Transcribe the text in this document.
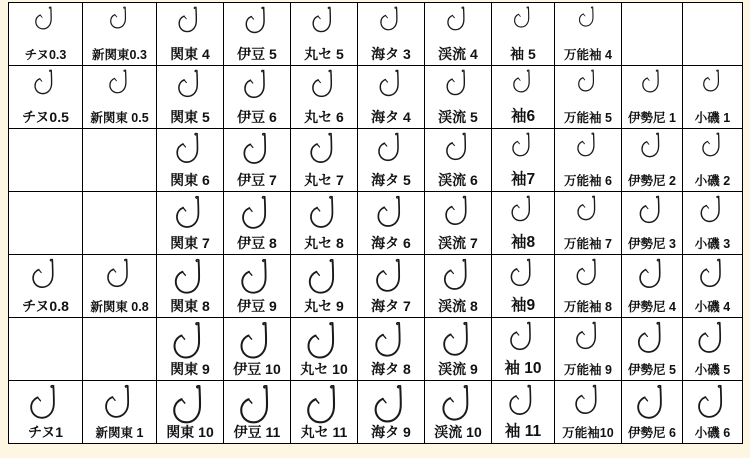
チヌ0.3	新関東0.3	関東 4	伊豆 5	丸セ 5	海タ 3	渓流 4	袖 5	万能袖 4		

チヌ0.5	新関東 0.5	関東 5	伊豆 6	丸セ 6	海タ 4	渓流 5	袖6	万能袖 5	伊勢尼 1	小磯 1

		関東 6	伊豆 7	丸セ 7	海タ 5	渓流 6	袖7	万能袖 6	伊勢尼 2	小磯 2

		関東 7	伊豆 8	丸セ 8	海タ 6	渓流 7	袖8	万能袖 7	伊勢尼 3	小磯 3

チヌ0.8	新関東 0.8	関東 8	伊豆 9	丸セ 9	海タ 7	渓流 8	袖9	万能袖 8	伊勢尼 4	小磯 4

		関東 9	伊豆 10	丸セ 10	海タ 8	渓流 9	袖 10	万能袖 9	伊勢尼 5	小磯 5

チヌ1	新関東 1	関東 10	伊豆 11	丸セ 11	海タ 9	渓流 10	袖 11	万能袖10	伊勢尼 6	小磯 6
